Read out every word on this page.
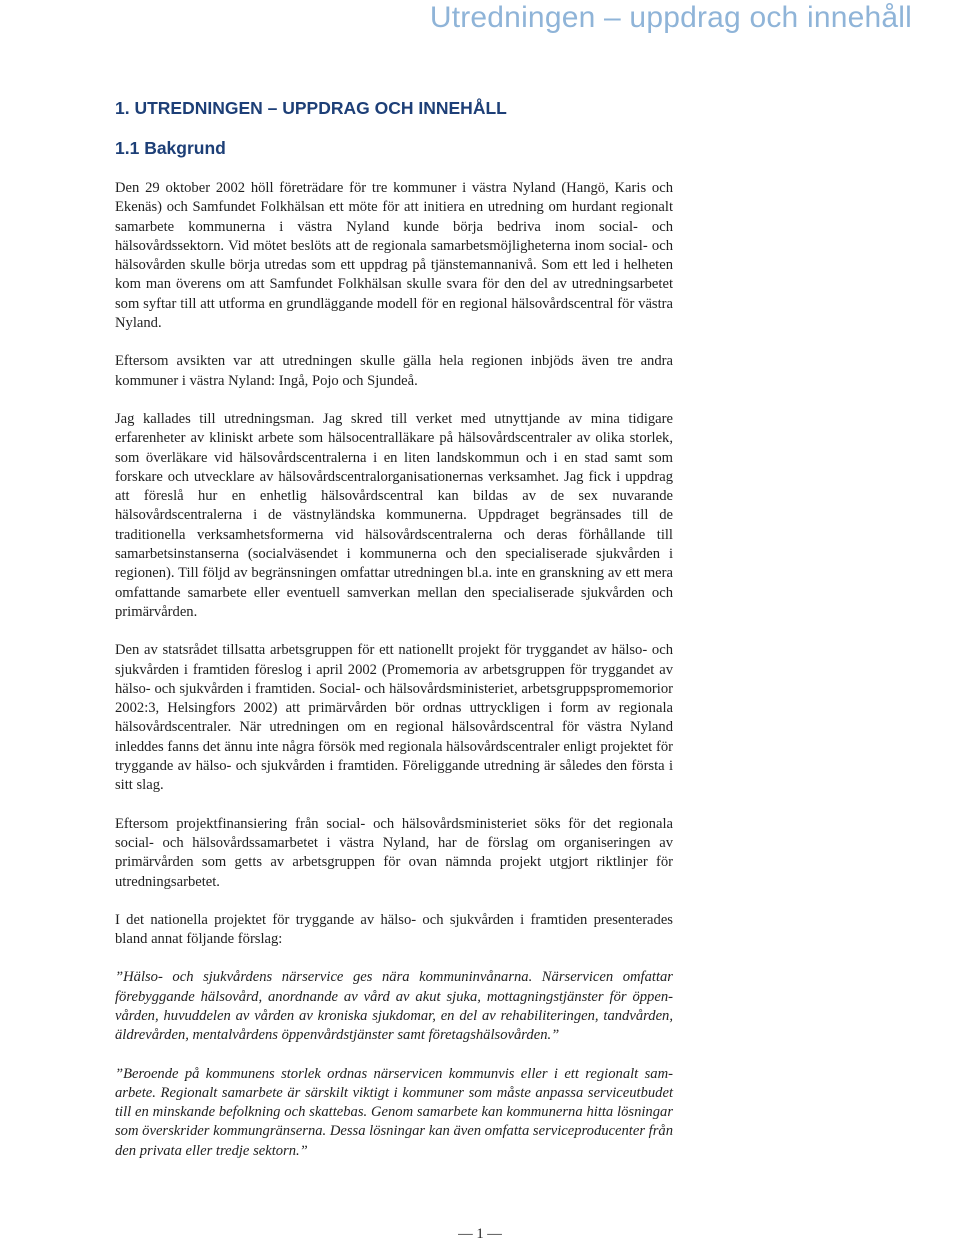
Utredningen – uppdrag och innehåll
1. UTREDNINGEN – UPPDRAG OCH INNEHÅLL
1.1 Bakgrund

Den 29 oktober 2002 höll företrädare för tre kommuner i västra Nyland (Hangö, Karis och Ekenäs) och Samfundet Folkhälsan ett möte för att initiera en utredning om hurdant regionalt samarbete kommunerna i västra Nyland kunde börja bedriva inom social- och hälsovårdssektorn. Vid mötet beslöts att de regionala samarbetsmöjligheterna inom social- och hälsovården skulle börja utredas som ett uppdrag på tjänstemannanivå. Som ett led i helheten kom man överens om att Samfundet Folkhälsan skulle svara för den del av utredningsarbetet som syftar till att utforma en grundläggande modell för en regional hälsovårdscentral för västra Nyland.

Eftersom avsikten var att utredningen skulle gälla hela regionen inbjöds även tre andra kommuner i västra Nyland: Ingå, Pojo och Sjundeå.

Jag kallades till utredningsman. Jag skred till verket med utnyttjande av mina tidigare erfarenheter av kliniskt arbete som hälsocentralläkare på hälsovårdscentraler av olika storlek, som överläkare vid hälsovårdscentralerna i en liten landskommun och i en stad samt som forskare och utvecklare av hälsovårdscentralorganisationernas verksamhet. Jag fick i uppdrag att föreslå hur en enhetlig hälsovårdscentral kan bildas av de sex nuvarande hälsovårdscentralerna i de västnyländska kommunerna. Uppdraget begränsades till de traditionella verksamhetsformerna vid hälsovårdscentralerna och deras förhållande till samarbetsinstanserna (socialväsendet i kommunerna och den specialiserade sjukvården i regionen). Till följd av begränsningen omfattar utredningen bl.a. inte en granskning av ett mera omfattande samarbete eller eventuell samverkan mellan den specialiserade sjukvården och primärvården.

Den av statsrådet tillsatta arbetsgruppen för ett nationellt projekt för tryggandet av hälso- och sjukvården i framtiden föreslog i april 2002 (Promemoria av arbetsgruppen för tryggandet av hälso- och sjukvården i framtiden. Social- och hälsovårdsministeriet, arbetsgruppspromemorior 2002:3, Helsingfors 2002) att primärvården bör ordnas uttryckligen i form av regionala hälsovårdscentraler. När utredningen om en regional hälsovårdscentral för västra Nyland inleddes fanns det ännu inte några försök med regionala hälsovårdscentraler enligt projektet för tryggande av hälso- och sjukvården i framtiden. Föreliggande utredning är således den första i sitt slag.

Eftersom projektfinansiering från social- och hälsovårdsministeriet söks för det regionala social- och hälsovårdssamarbetet i västra Nyland, har de förslag om organiseringen av primärvården som getts av arbetsgruppen för ovan nämnda projekt utgjort riktlinjer för utredningsarbetet.

I det nationella projektet för tryggande av hälso- och sjukvården i framtiden presenterades bland annat följande förslag:

”Hälso- och sjukvårdens närservice ges nära kommuninvånarna. Närservicen omfattar förebyggande hälsovård, anordnande av vård av akut sjuka, mottagningstjänster för öppenvården, huvuddelen av vården av kroniska sjukdomar, en del av rehabiliteringen, tandvården, äldrevården, mentalvårdens öppenvårdstjänster samt företagshälsovården.”

”Beroende på kommunens storlek ordnas närservicen kommunvis eller i ett regionalt samarbete. Regionalt samarbete är särskilt viktigt i kommuner som måste anpassa serviceutbudet till en minskande befolkning och skattebas. Genom samarbete kan kommunerna hitta lösningar som överskrider kommungränserna. Dessa lösningar kan även omfatta serviceproducenter från den privata eller tredje sektorn.”

— 1 —
